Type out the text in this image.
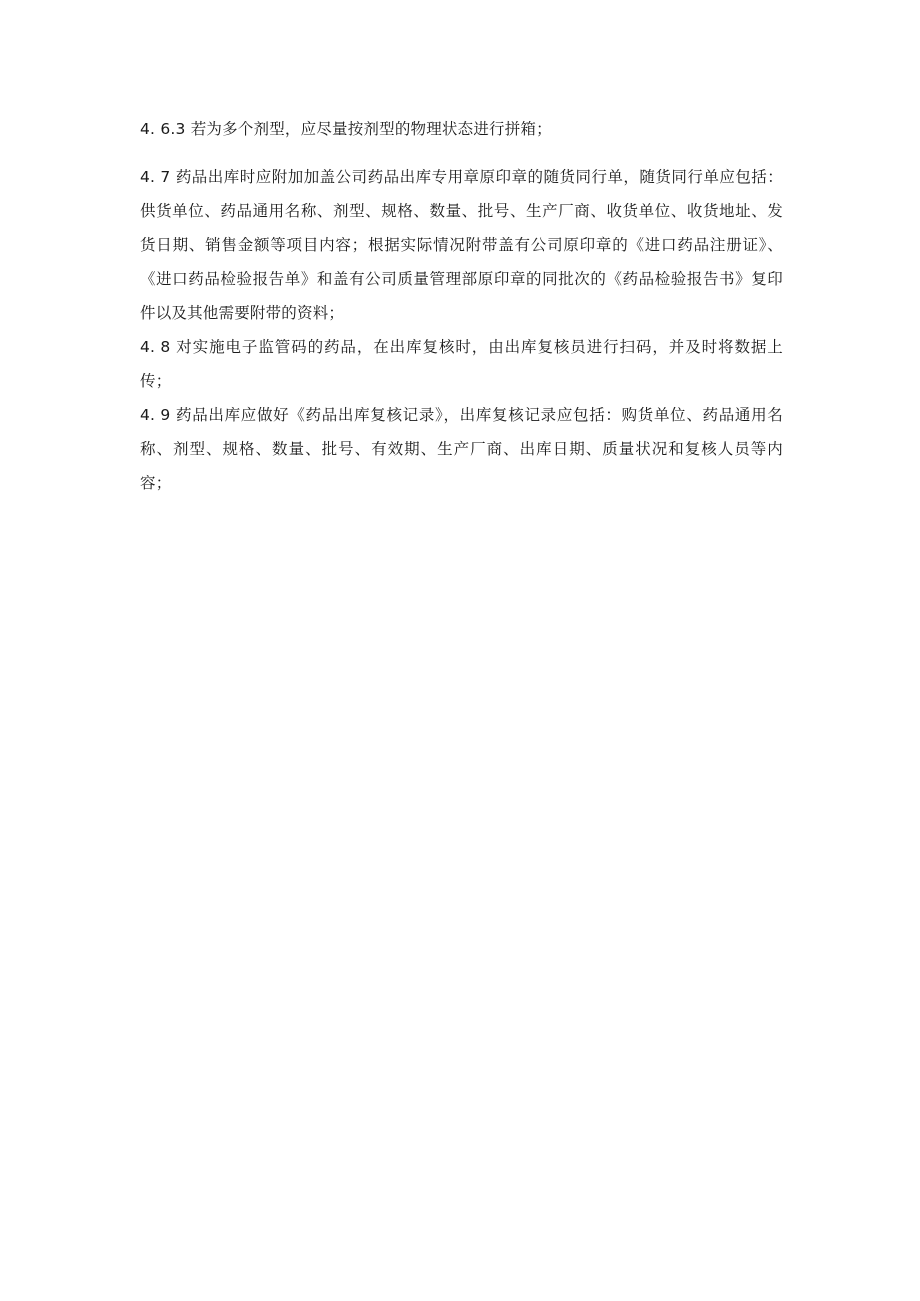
4. 6.3 若为多个剂型，应尽量按剂型的物理状态进行拼箱；

4. 7 药品出库时应附加加盖公司药品出库专用章原印章的随货同行单，随货同行单应包括：供货单位、药品通用名称、剂型、规格、数量、批号、生产厂商、收货单位、收货地址、发货日期、销售金额等项目内容；根据实际情况附带盖有公司原印章的《进口药品注册证》、《进口药品检验报告单》和盖有公司质量管理部原印章的同批次的《药品检验报告书》复印件以及其他需要附带的资料；

4. 8 对实施电子监管码的药品，在出库复核时，由出库复核员进行扫码，并及时将数据上传；

4. 9 药品出库应做好《药品出库复核记录》，出库复核记录应包括：购货单位、药品通用名称、剂型、规格、数量、批号、有效期、生产厂商、出库日期、质量状况和复核人员等内容；
